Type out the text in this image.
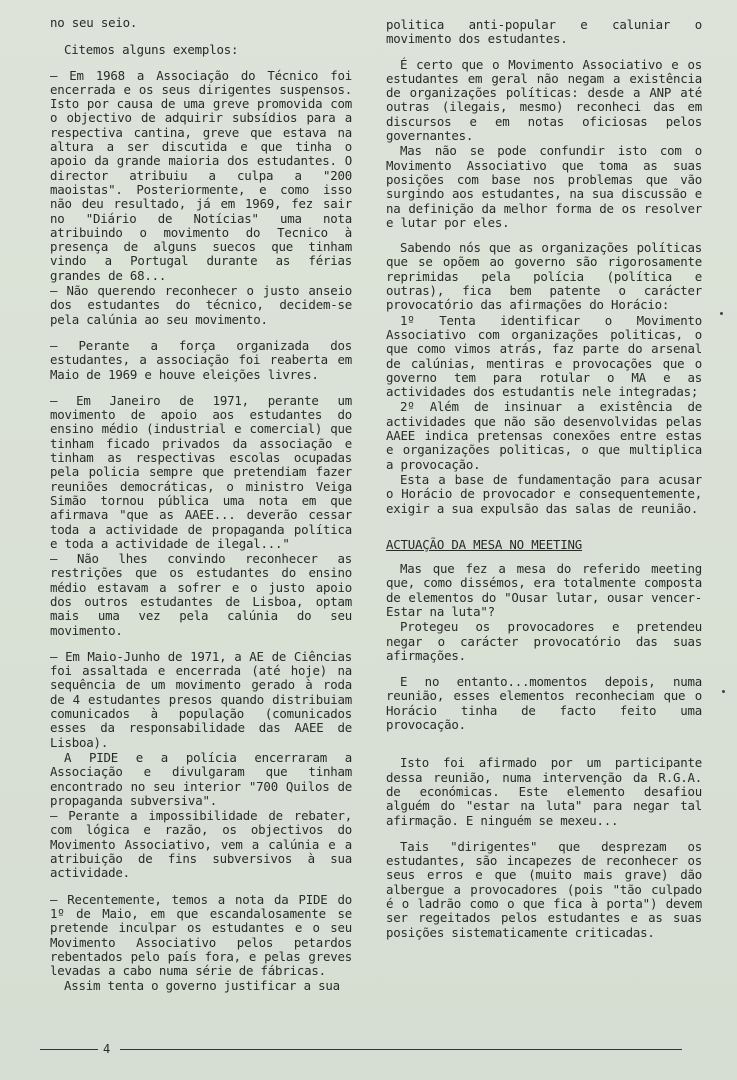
no seu seio.

Citemos alguns exemplos:

— Em 1968 a Associação do Técnico foi encerrada e os seus dirigentes suspensos. Isto por causa de uma greve promovida com o objectivo de adquirir subsídios para a respectiva cantina, greve que estava na altura a ser discutida e que tinha o apoio da grande maioria dos estudantes. O director atribuiu a culpa a "200 maoistas". Posteriormente, e como isso não deu resultado, já em 1969, fez sair no "Diário de Notícias" uma nota atribuindo o movimento do Tecnico à presença de alguns suecos que tinham vindo a Portugal durante as férias grandes de 68...

— Não querendo reconhecer o justo anseio dos estudantes do técnico, decidem-se pela calúnia ao seu movimento.

— Perante a força organizada dos estudantes, a associação foi reaberta em Maio de 1969 e houve eleições livres.

— Em Janeiro de 1971, perante um movimento de apoio aos estudantes do ensino médio (industrial e comercial) que tinham ficado privados da associação e tinham as respectivas escolas ocupadas pela policia sempre que pretendiam fazer reuniões democráticas, o ministro Veiga Simão tornou pública uma nota em que afirmava "que as AAEE... deverão cessar toda a actividade de propaganda política e toda a actividade de ilegal..."

— Não lhes convindo reconhecer as restrições que os estudantes do ensino médio estavam a sofrer e o justo apoio dos outros estudantes de Lisboa, optam mais uma vez pela calúnia do seu movimento.

— Em Maio-Junho de 1971, a AE de Ciências foi assaltada e encerrada (até hoje) na sequência de um movimento gerado à roda de 4 estudantes presos quando distribuiam comunicados à população (comunicados esses da responsabilidade das AAEE de Lisboa).

A PIDE e a polícia encerraram a Associação e divulgaram que tinham encontrado no seu interior "700 Quilos de propaganda subversiva".

— Perante a impossibilidade de rebater, com lógica e razão, os objectivos do Movimento Associativo, vem a calúnia e a atribuição de fins subversivos à sua actividade.

— Recentemente, temos a nota da PIDE do 1º de Maio, em que escandalosamente se pretende inculpar os estudantes e o seu Movimento Associativo pelos petardos rebentados pelo país fora, e pelas greves levadas a cabo numa série de fábricas.

Assim tenta o governo justificar a sua

politica anti-popular e caluniar o movimento dos estudantes.

É certo que o Movimento Associativo e os estudantes em geral não negam a existência de organizações políticas: desde a ANP até outras (ilegais, mesmo) reconheci das em discursos e em notas oficiosas pelos governantes.

Mas não se pode confundir isto com o Movimento Associativo que toma as suas posições com base nos problemas que vão surgindo aos estudantes, na sua discussão e na definição da melhor forma de os resolver e lutar por eles.

Sabendo nós que as organizações políticas que se opõem ao governo são rigorosamente reprimidas pela polícia (política e outras), fica bem patente o carácter provocatório das afirmações do Horácio:

1º Tenta identificar o Movimento Associativo com organizações politicas, o que como vimos atrás, faz parte do arsenal de calúnias, mentiras e provocações que o governo tem para rotular o MA e as actividades dos estudantis nele integradas;

2º Além de insinuar a existência de actividades que não são desenvolvidas pelas AAEE indica pretensas conexões entre estas e organizações politicas, o que multiplica a provocação.

Esta a base de fundamentação para acusar o Horácio de provocador e consequentemente, exigir a sua expulsão das salas de reunião.

ACTUAÇÃO DA MESA NO MEETING

Mas que fez a mesa do referido meeting que, como dissémos, era totalmente composta de elementos do "Ousar lutar, ousar vencer-Estar na luta"?

Protegeu os provocadores e pretendeu negar o carácter provocatório das suas afirmações.

E no entanto...momentos depois, numa reunião, esses elementos reconheciam que o Horácio tinha de facto feito uma provocação.

Isto foi afirmado por um participante dessa reunião, numa intervenção da R.G.A. de económicas. Este elemento desafiou alguém do "estar na luta" para negar tal afirmação. E ninguém se mexeu...

Tais "dirigentes" que desprezam os estudantes, são incapezes de reconhecer os seus erros e que (muito mais grave) dão albergue a provocadores (pois "tão culpado é o ladrão como o que fica à porta") devem ser regeitados pelos estudantes e as suas posições sistematicamente criticadas.

4
